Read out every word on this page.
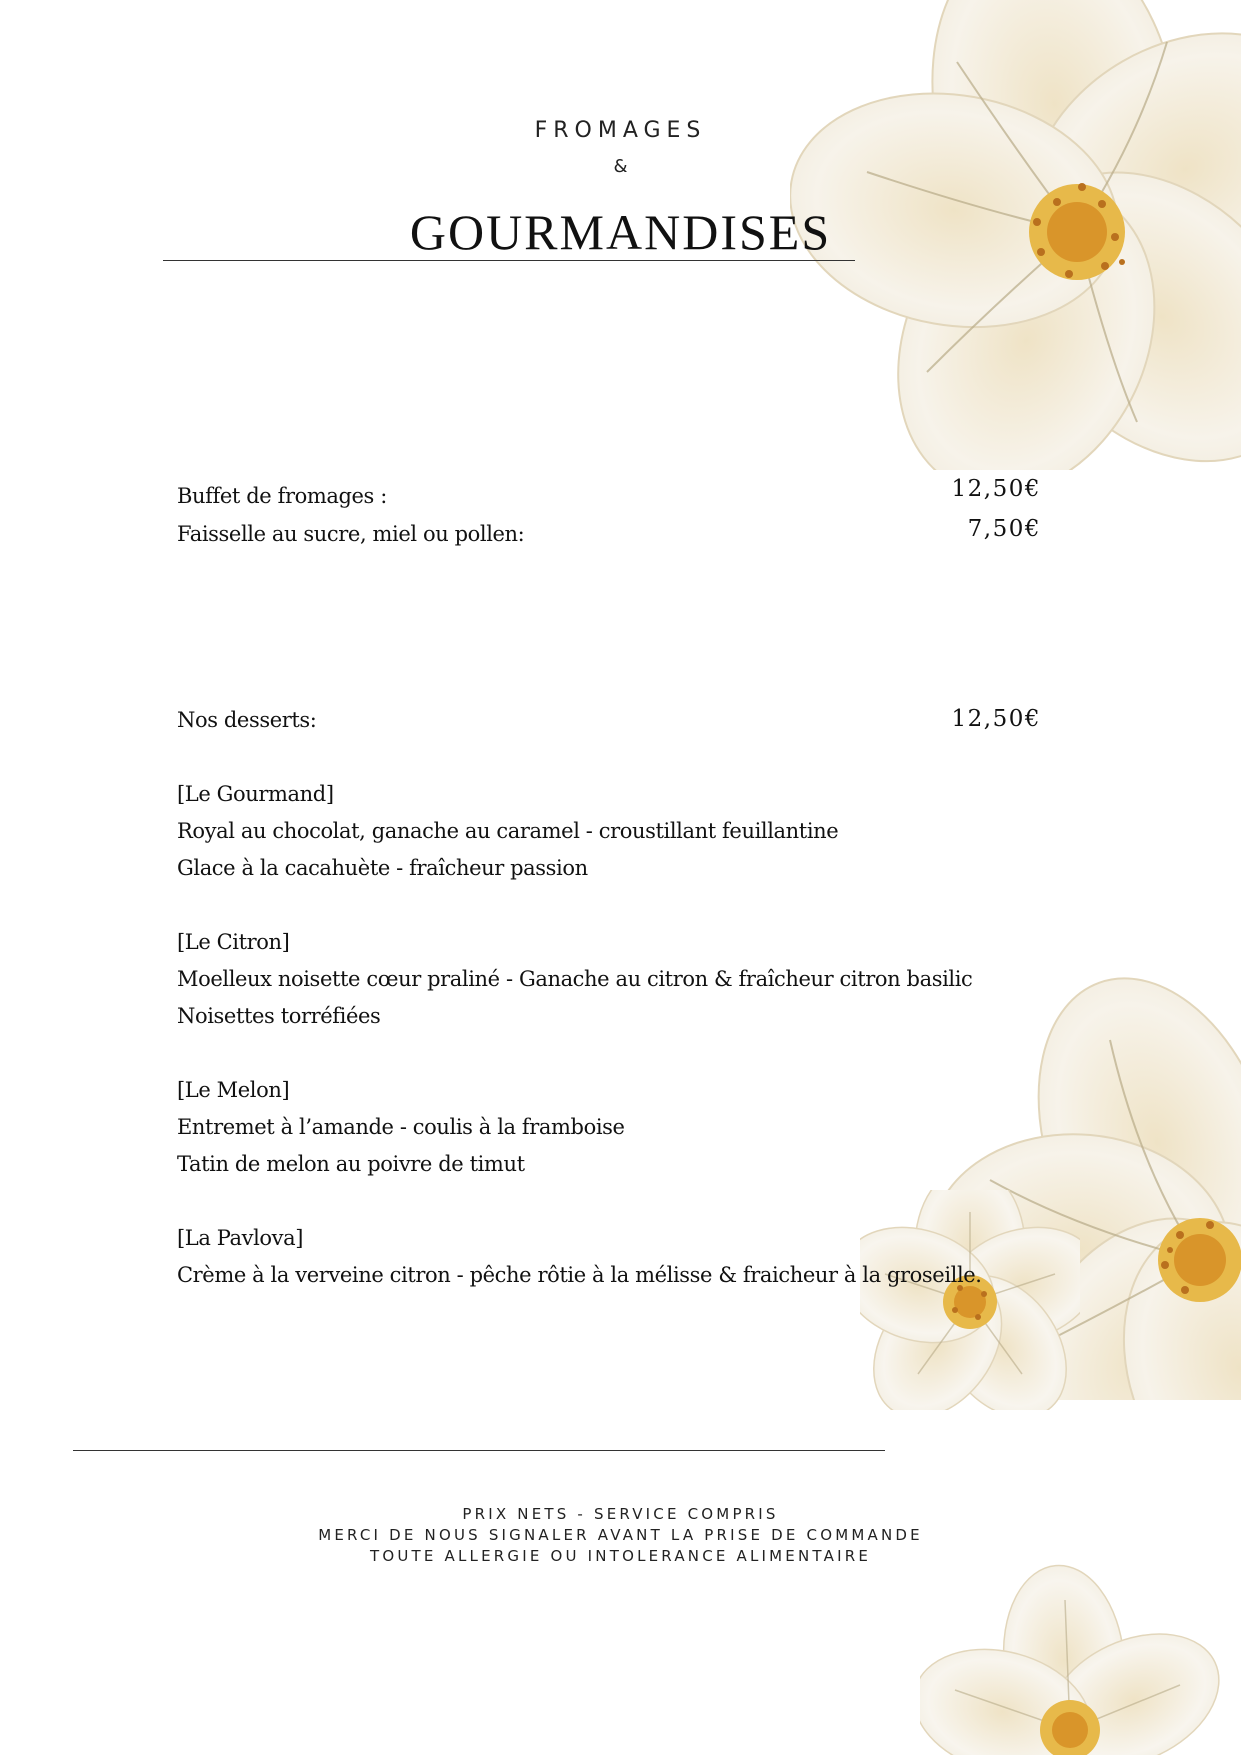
FROMAGES
&
GOURMANDISES
Buffet de fromages :	12,50€
Faisselle au sucre, miel ou pollen:	7,50€
Nos desserts:	12,50€
[Le Gourmand]
Royal au chocolat, ganache au caramel - croustillant feuillantine
Glace à la cacahuète - fraîcheur passion
[Le Citron]
Moelleux noisette cœur praliné - Ganache au citron & fraîcheur citron basilic
Noisettes torréfiées
[Le Melon]
Entremet à l’amande - coulis à la framboise
Tatin de melon au poivre de timut
[La Pavlova]
Crème à la verveine citron - pêche rôtie à la mélisse & fraicheur à la groseille.
PRIX NETS - SERVICE COMPRIS
MERCI DE NOUS SIGNALER AVANT LA PRISE DE COMMANDE
TOUTE ALLERGIE OU INTOLERANCE ALIMENTAIRE
